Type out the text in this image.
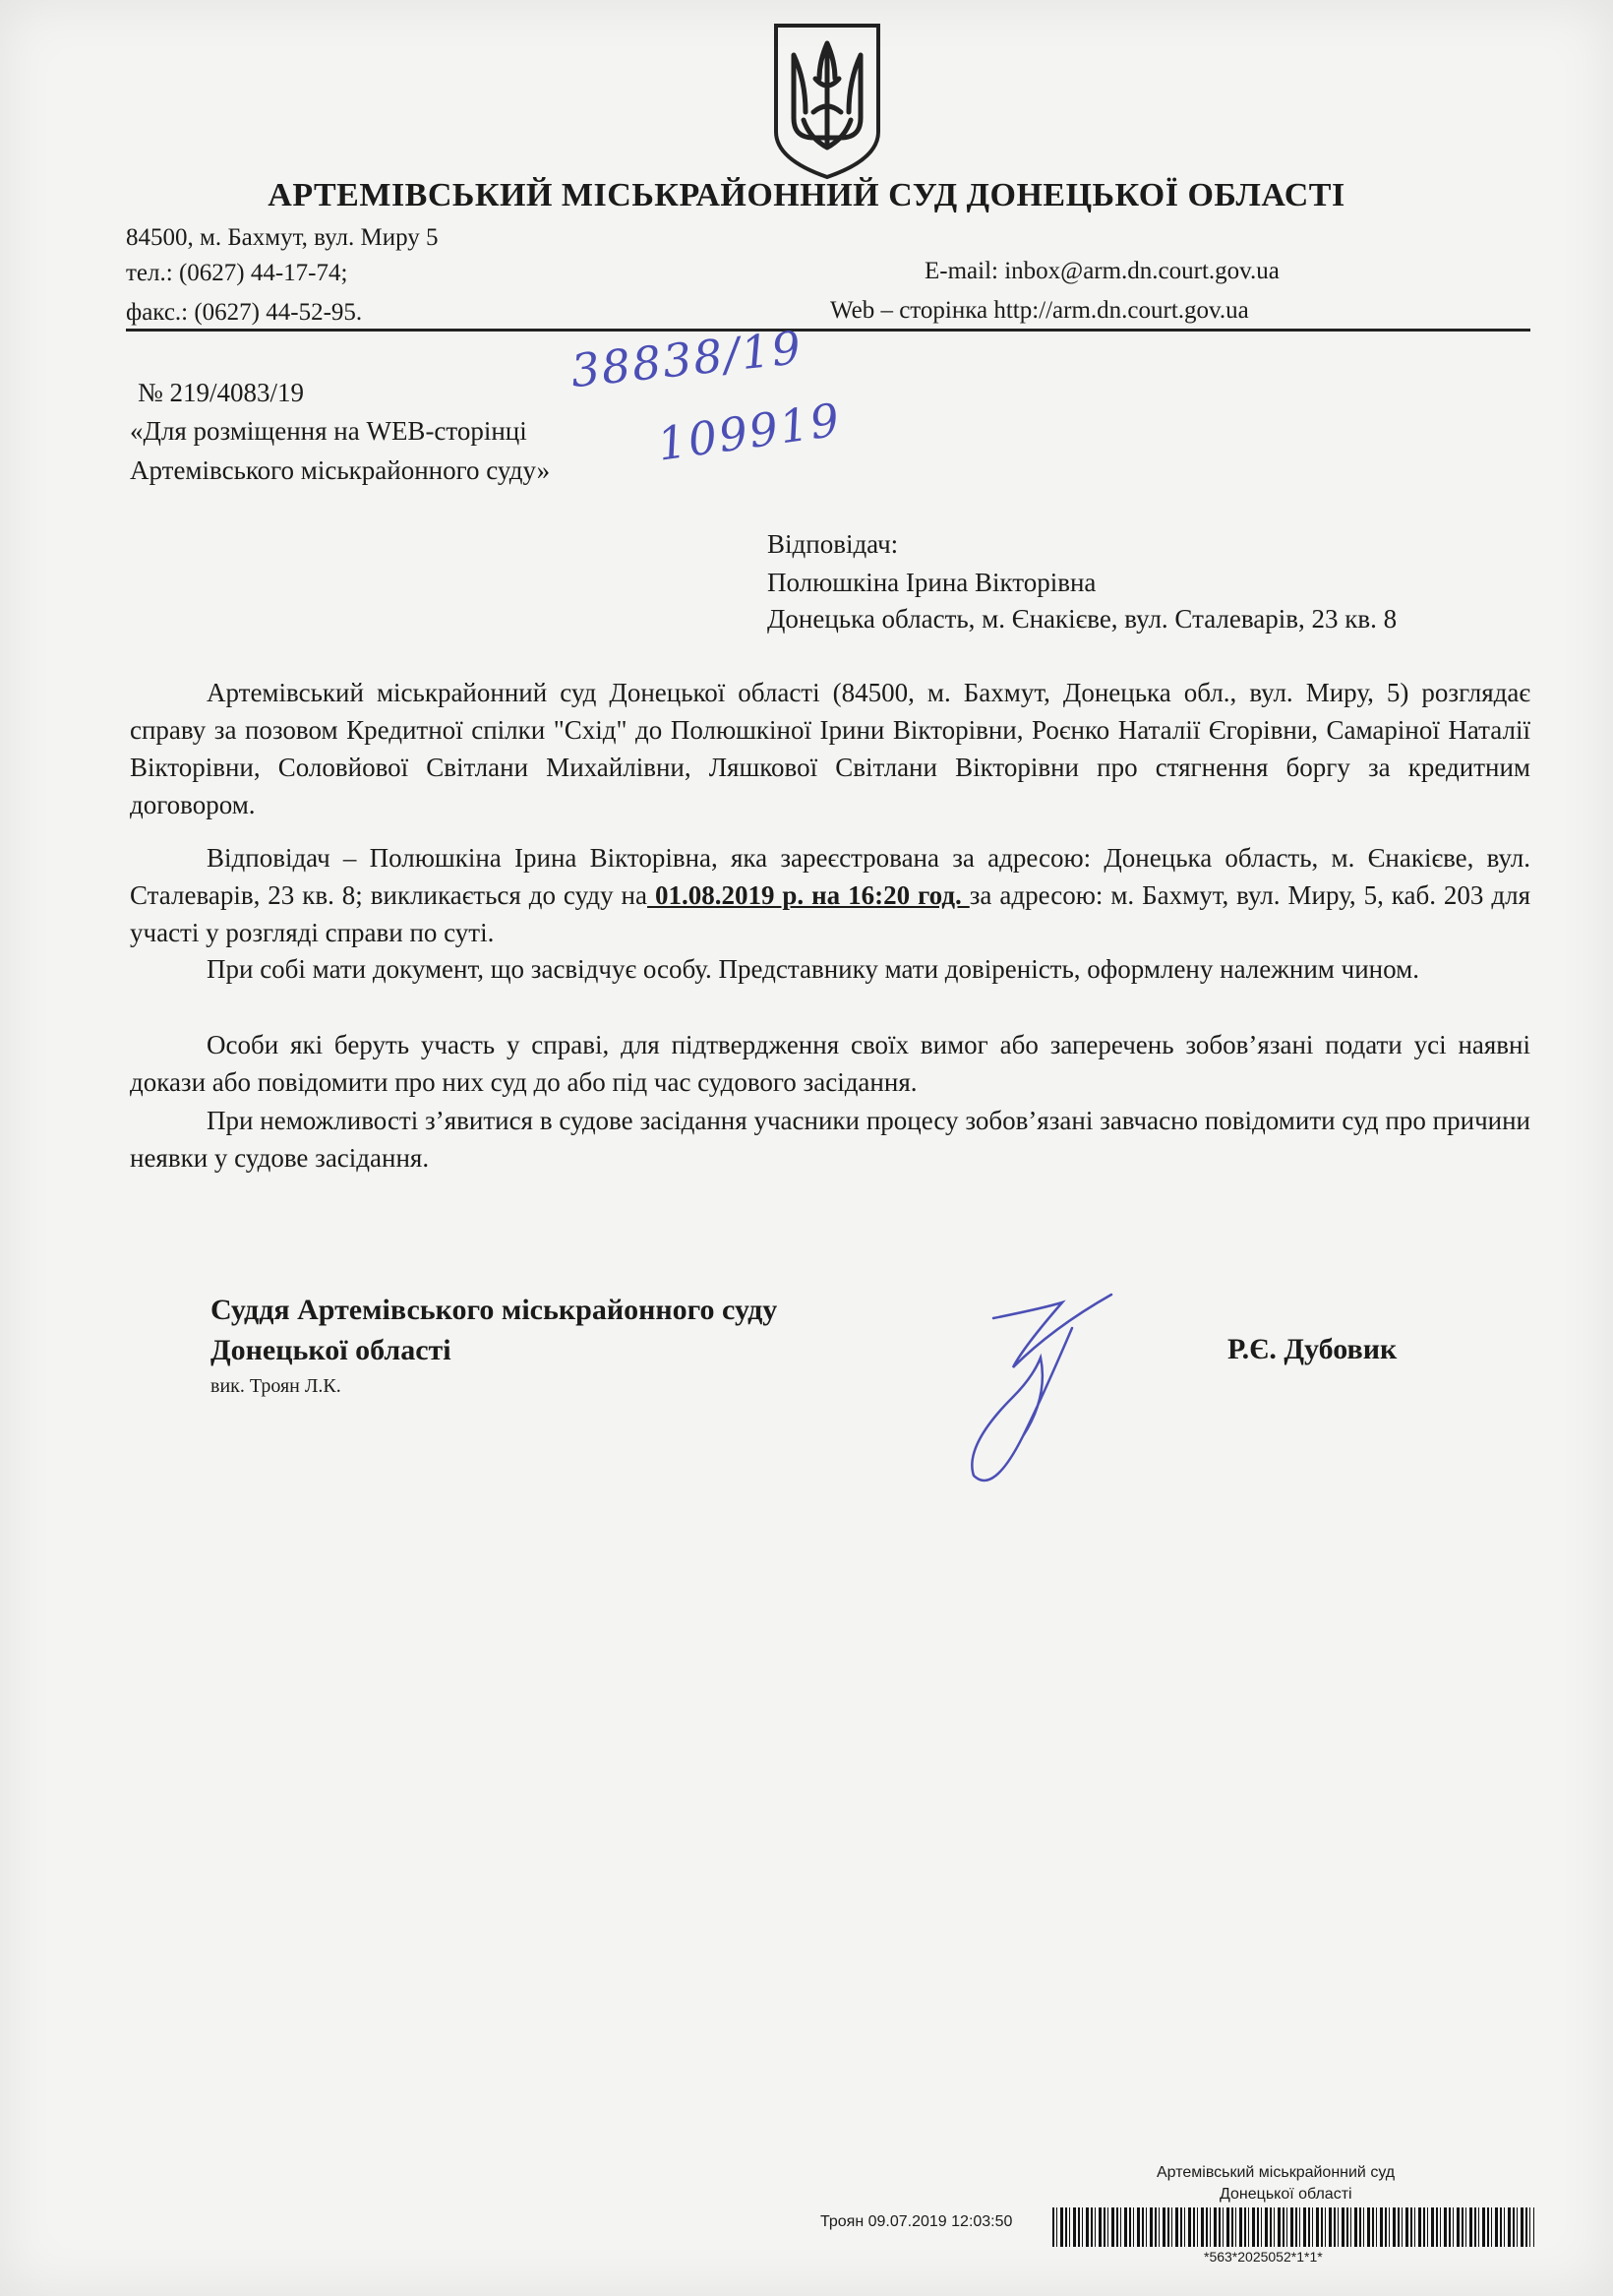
АРТЕМІВСЬКИЙ МІСЬКРАЙОННИЙ СУД ДОНЕЦЬКОЇ ОБЛАСТІ
84500, м. Бахмут, вул. Миру 5
тел.: (0627) 44-17-74;
факс.: (0627) 44-52-95.
E-mail: inbox@arm.dn.court.gov.ua
Web – сторінка http://arm.dn.court.gov.ua
№ 219/4083/19
«Для розміщення на WEB-сторінці
Артемівського міськрайонного суду»
38838/19
109919
Відповідач:
Полюшкіна Ірина Вікторівна
Донецька область, м. Єнакієве, вул. Сталеварів, 23 кв. 8

Артемівський міськрайонний суд Донецької області (84500, м. Бахмут, Донецька обл., вул. Миру, 5) розглядає справу за позовом Кредитної спілки "Схід" до Полюшкіної Ірини Вікторівни, Роєнко Наталії Єгорівни, Самаріної Наталії Вікторівни, Соловйової Світлани Михайлівни, Ляшкової Світлани Вікторівни про стягнення боргу за кредитним договором.

Відповідач – Полюшкіна Ірина Вікторівна, яка зареєстрована за адресою: Донецька область, м. Єнакієве, вул. Сталеварів, 23 кв. 8; викликається до суду на 01.08.2019 р. на 16:20 год. за адресою: м. Бахмут, вул. Миру, 5, каб. 203 для участі у розгляді справи по суті.

При собі мати документ, що засвідчує особу. Представнику мати довіреність, оформлену належним чином.

Особи які беруть участь у справі, для підтвердження своїх вимог або заперечень зобов’язані подати усі наявні докази або повідомити про них суд до або під час судового засідання.

При неможливості з’явитися в судове засідання учасники процесу зобов’язані завчасно повідомити суд про причини неявки у судове засідання.

Суддя Артемівського міськрайонного суду
Донецької області
вик. Троян Л.К.
Р.Є. Дубовик
Артемівський міськрайонний суд
Донецької області
Троян 09.07.2019 12:03:50
*563*2025052*1*1*
